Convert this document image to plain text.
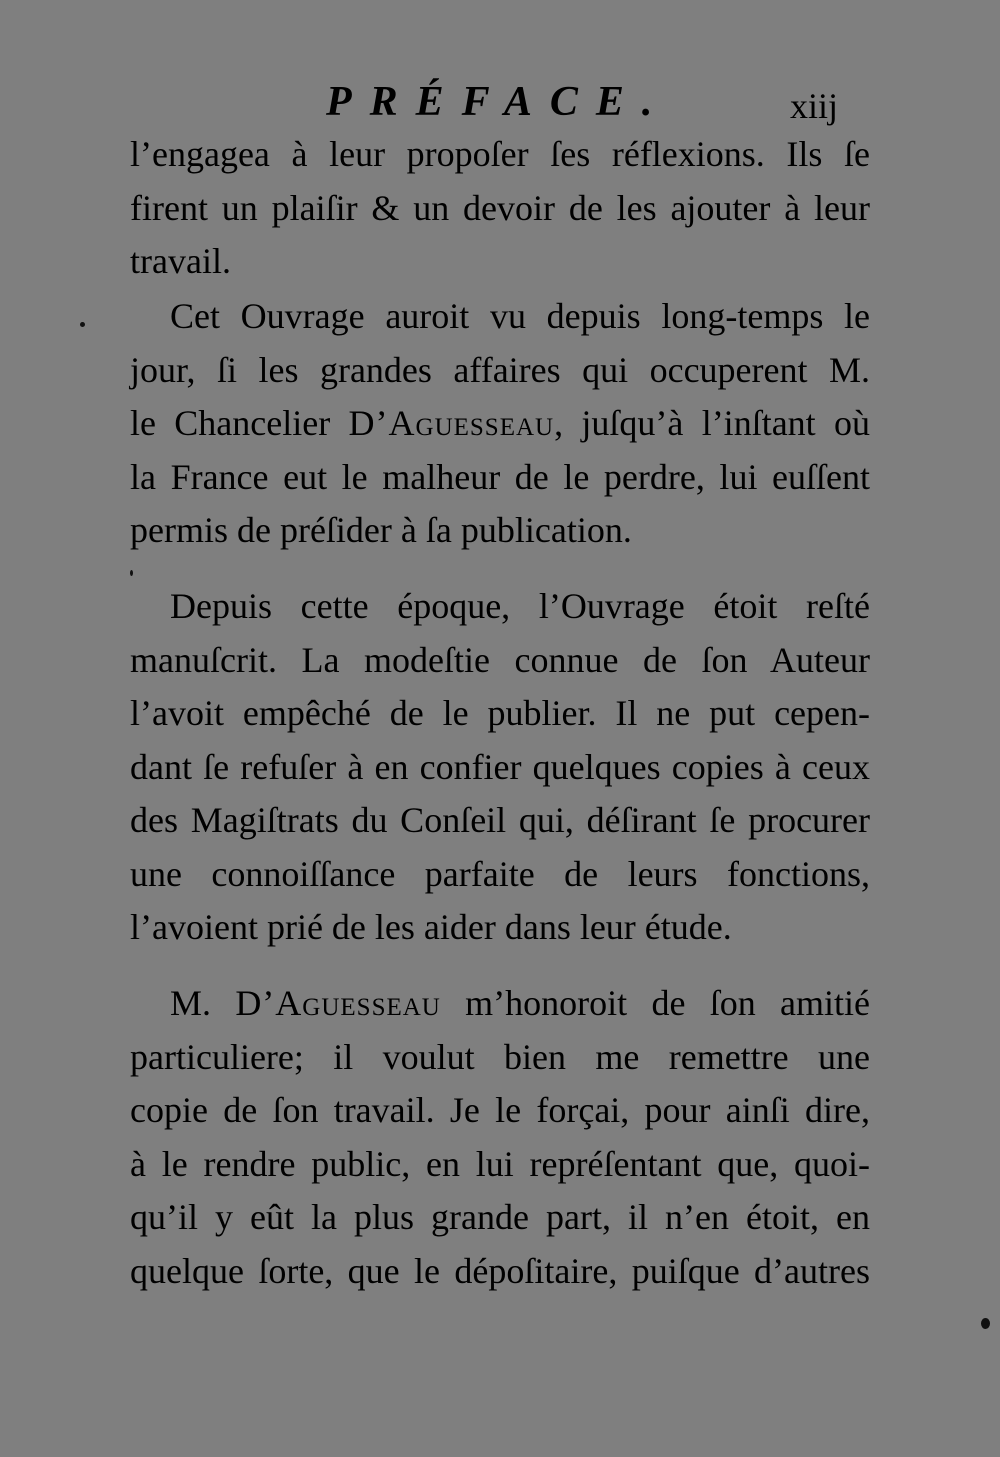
PRÉFACE.	xiij

l’engagea à leur propoſer ſes réflexions. Ils ſe
firent un plaiſir & un devoir de les ajouter à leur
travail.

Cet Ouvrage auroit vu depuis long-temps le
jour, ſi les grandes affaires qui occuperent M.
le Chancelier D’Aguesseau, juſqu’à l’inſtant où
la France eut le malheur de le perdre, lui euſſent
permis de préſider à ſa publication.

Depuis cette époque, l’Ouvrage étoit reſté
manuſcrit. La modeſtie connue de ſon Auteur
l’avoit empêché de le publier. Il ne put cepen-
dant ſe refuſer à en confier quelques copies à ceux
des Magiſtrats du Conſeil qui, déſirant ſe procurer
une connoiſſance parfaite de leurs fonctions,
l’avoient prié de les aider dans leur étude.

M. D’Aguesseau m’honoroit de ſon amitié
particuliere; il voulut bien me remettre une
copie de ſon travail. Je le forçai, pour ainſi dire,
à le rendre public, en lui repréſentant que, quoi-
qu’il y eût la plus grande part, il n’en étoit, en
quelque ſorte, que le dépoſitaire, puiſque d’autres
